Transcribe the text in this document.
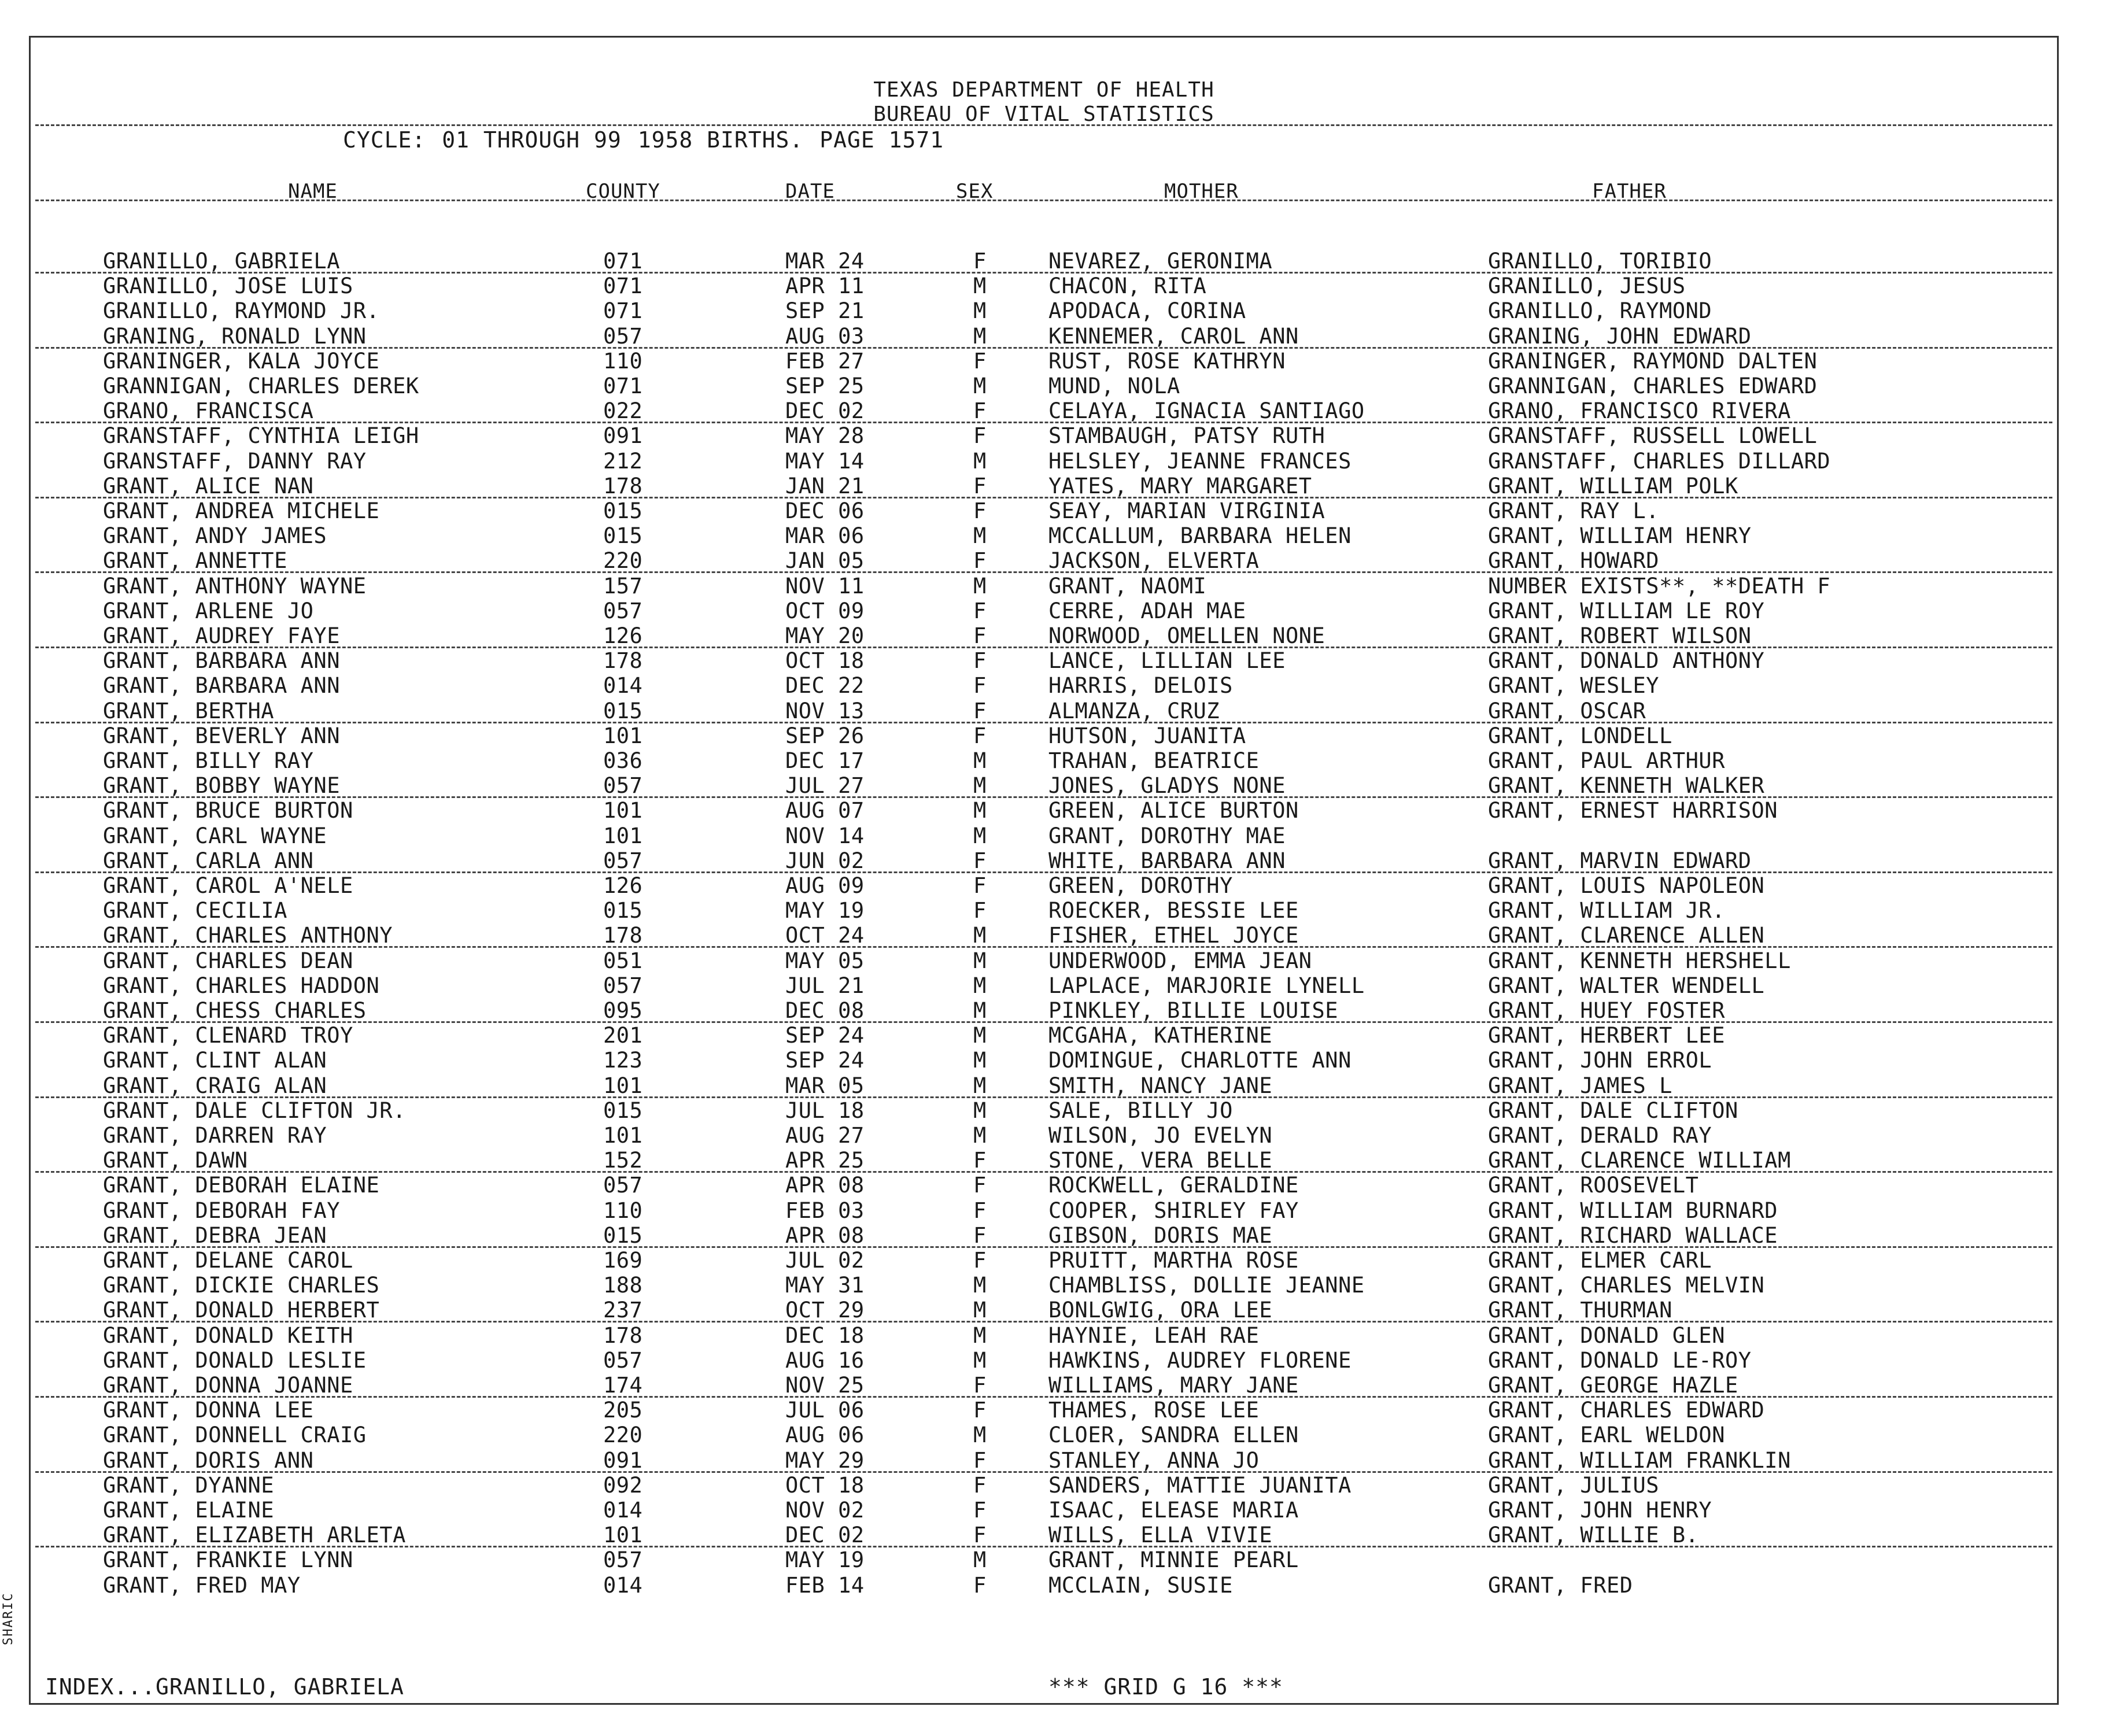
TEXAS DEPARTMENT OF HEALTH
BUREAU OF VITAL STATISTICS
CYCLE: 01 THROUGH 99 1958 BIRTHS. PAGE 1571
NAME	COUNTY	DATE	SEX	MOTHER	FATHER
GRANILLO, GABRIELA	071	MAR 24	F	NEVAREZ, GERONIMA	GRANILLO, TORIBIO
GRANILLO, JOSE LUIS	071	APR 11	M	CHACON, RITA	GRANILLO, JESUS
GRANILLO, RAYMOND JR.	071	SEP 21	M	APODACA, CORINA	GRANILLO, RAYMOND
GRANING, RONALD LYNN	057	AUG 03	M	KENNEMER, CAROL ANN	GRANING, JOHN EDWARD
GRANINGER, KALA JOYCE	110	FEB 27	F	RUST, ROSE KATHRYN	GRANINGER, RAYMOND DALTEN
GRANNIGAN, CHARLES DEREK	071	SEP 25	M	MUND, NOLA	GRANNIGAN, CHARLES EDWARD
GRANO, FRANCISCA	022	DEC 02	F	CELAYA, IGNACIA SANTIAGO	GRANO, FRANCISCO RIVERA
GRANSTAFF, CYNTHIA LEIGH	091	MAY 28	F	STAMBAUGH, PATSY RUTH	GRANSTAFF, RUSSELL LOWELL
GRANSTAFF, DANNY RAY	212	MAY 14	M	HELSLEY, JEANNE FRANCES	GRANSTAFF, CHARLES DILLARD
GRANT, ALICE NAN	178	JAN 21	F	YATES, MARY MARGARET	GRANT, WILLIAM POLK
GRANT, ANDREA MICHELE	015	DEC 06	F	SEAY, MARIAN VIRGINIA	GRANT, RAY L.
GRANT, ANDY JAMES	015	MAR 06	M	MCCALLUM, BARBARA HELEN	GRANT, WILLIAM HENRY
GRANT, ANNETTE	220	JAN 05	F	JACKSON, ELVERTA	GRANT, HOWARD
GRANT, ANTHONY WAYNE	157	NOV 11	M	GRANT, NAOMI	NUMBER EXISTS**, **DEATH F
GRANT, ARLENE JO	057	OCT 09	F	CERRE, ADAH MAE	GRANT, WILLIAM LE ROY
GRANT, AUDREY FAYE	126	MAY 20	F	NORWOOD, OMELLEN NONE	GRANT, ROBERT WILSON
GRANT, BARBARA ANN	178	OCT 18	F	LANCE, LILLIAN LEE	GRANT, DONALD ANTHONY
GRANT, BARBARA ANN	014	DEC 22	F	HARRIS, DELOIS	GRANT, WESLEY
GRANT, BERTHA	015	NOV 13	F	ALMANZA, CRUZ	GRANT, OSCAR
GRANT, BEVERLY ANN	101	SEP 26	F	HUTSON, JUANITA	GRANT, LONDELL
GRANT, BILLY RAY	036	DEC 17	M	TRAHAN, BEATRICE	GRANT, PAUL ARTHUR
GRANT, BOBBY WAYNE	057	JUL 27	M	JONES, GLADYS NONE	GRANT, KENNETH WALKER
GRANT, BRUCE BURTON	101	AUG 07	M	GREEN, ALICE BURTON	GRANT, ERNEST HARRISON
GRANT, CARL WAYNE	101	NOV 14	M	GRANT, DOROTHY MAE
GRANT, CARLA ANN	057	JUN 02	F	WHITE, BARBARA ANN	GRANT, MARVIN EDWARD
GRANT, CAROL A'NELE	126	AUG 09	F	GREEN, DOROTHY	GRANT, LOUIS NAPOLEON
GRANT, CECILIA	015	MAY 19	F	ROECKER, BESSIE LEE	GRANT, WILLIAM JR.
GRANT, CHARLES ANTHONY	178	OCT 24	M	FISHER, ETHEL JOYCE	GRANT, CLARENCE ALLEN
GRANT, CHARLES DEAN	051	MAY 05	M	UNDERWOOD, EMMA JEAN	GRANT, KENNETH HERSHELL
GRANT, CHARLES HADDON	057	JUL 21	M	LAPLACE, MARJORIE LYNELL	GRANT, WALTER WENDELL
GRANT, CHESS CHARLES	095	DEC 08	M	PINKLEY, BILLIE LOUISE	GRANT, HUEY FOSTER
GRANT, CLENARD TROY	201	SEP 24	M	MCGAHA, KATHERINE	GRANT, HERBERT LEE
GRANT, CLINT ALAN	123	SEP 24	M	DOMINGUE, CHARLOTTE ANN	GRANT, JOHN ERROL
GRANT, CRAIG ALAN	101	MAR 05	M	SMITH, NANCY JANE	GRANT, JAMES L
GRANT, DALE CLIFTON JR.	015	JUL 18	M	SALE, BILLY JO	GRANT, DALE CLIFTON
GRANT, DARREN RAY	101	AUG 27	M	WILSON, JO EVELYN	GRANT, DERALD RAY
GRANT, DAWN	152	APR 25	F	STONE, VERA BELLE	GRANT, CLARENCE WILLIAM
GRANT, DEBORAH ELAINE	057	APR 08	F	ROCKWELL, GERALDINE	GRANT, ROOSEVELT
GRANT, DEBORAH FAY	110	FEB 03	F	COOPER, SHIRLEY FAY	GRANT, WILLIAM BURNARD
GRANT, DEBRA JEAN	015	APR 08	F	GIBSON, DORIS MAE	GRANT, RICHARD WALLACE
GRANT, DELANE CAROL	169	JUL 02	F	PRUITT, MARTHA ROSE	GRANT, ELMER CARL
GRANT, DICKIE CHARLES	188	MAY 31	M	CHAMBLISS, DOLLIE JEANNE	GRANT, CHARLES MELVIN
GRANT, DONALD HERBERT	237	OCT 29	M	BONLGWIG, ORA LEE	GRANT, THURMAN
GRANT, DONALD KEITH	178	DEC 18	M	HAYNIE, LEAH RAE	GRANT, DONALD GLEN
GRANT, DONALD LESLIE	057	AUG 16	M	HAWKINS, AUDREY FLORENE	GRANT, DONALD LE-ROY
GRANT, DONNA JOANNE	174	NOV 25	F	WILLIAMS, MARY JANE	GRANT, GEORGE HAZLE
GRANT, DONNA LEE	205	JUL 06	F	THAMES, ROSE LEE	GRANT, CHARLES EDWARD
GRANT, DONNELL CRAIG	220	AUG 06	M	CLOER, SANDRA ELLEN	GRANT, EARL WELDON
GRANT, DORIS ANN	091	MAY 29	F	STANLEY, ANNA JO	GRANT, WILLIAM FRANKLIN
GRANT, DYANNE	092	OCT 18	F	SANDERS, MATTIE JUANITA	GRANT, JULIUS
GRANT, ELAINE	014	NOV 02	F	ISAAC, ELEASE MARIA	GRANT, JOHN HENRY
GRANT, ELIZABETH ARLETA	101	DEC 02	F	WILLS, ELLA VIVIE	GRANT, WILLIE B.
GRANT, FRANKIE LYNN	057	MAY 19	M	GRANT, MINNIE PEARL
GRANT, FRED MAY	014	FEB 14	F	MCCLAIN, SUSIE	GRANT, FRED
INDEX...GRANILLO, GABRIELA	*** GRID G 16 ***
SHARIC
